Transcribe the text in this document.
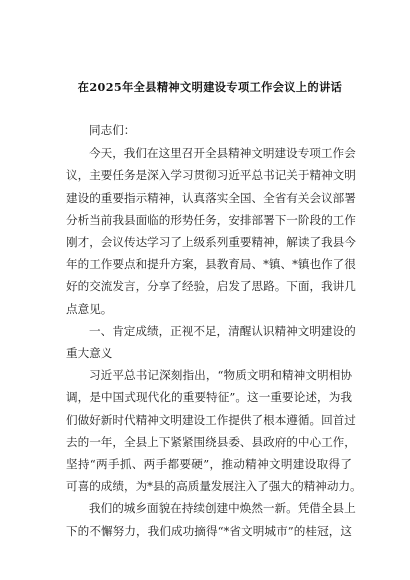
在2025年全县精神文明建设专项工作会议上的讲话
同志们：

今天，我们在这里召开全县精神文明建设专项工作会
议，主要任务是深入学习贯彻习近平总书记关于精神文明
建设的重要指示精神，认真落实全国、全省有关会议部署
分析当前我县面临的形势任务，安排部署下一阶段的工作
刚才，会议传达学习了上级系列重要精神，解读了我县今
年的工作要点和提升方案，县教育局、*镇、*镇也作了很
好的交流发言，分享了经验，启发了思路。下面，我讲几
点意见。

一、肯定成绩，正视不足，清醒认识精神文明建设的
重大意义

习近平总书记深刻指出，“物质文明和精神文明相协
调，是中国式现代化的重要特征”。这一重要论述，为我
们做好新时代精神文明建设工作提供了根本遵循。回首过
去的一年，全县上下紧紧围绕县委、县政府的中心工作，
坚持“两手抓、两手都要硬”，推动精神文明建设取得了
可喜的成绩，为*县的高质量发展注入了强大的精神动力。

我们的城乡面貌在持续创建中焕然一新。凭借全县上
下的不懈努力，我们成功摘得“*省文明城市”的桂冠，这
